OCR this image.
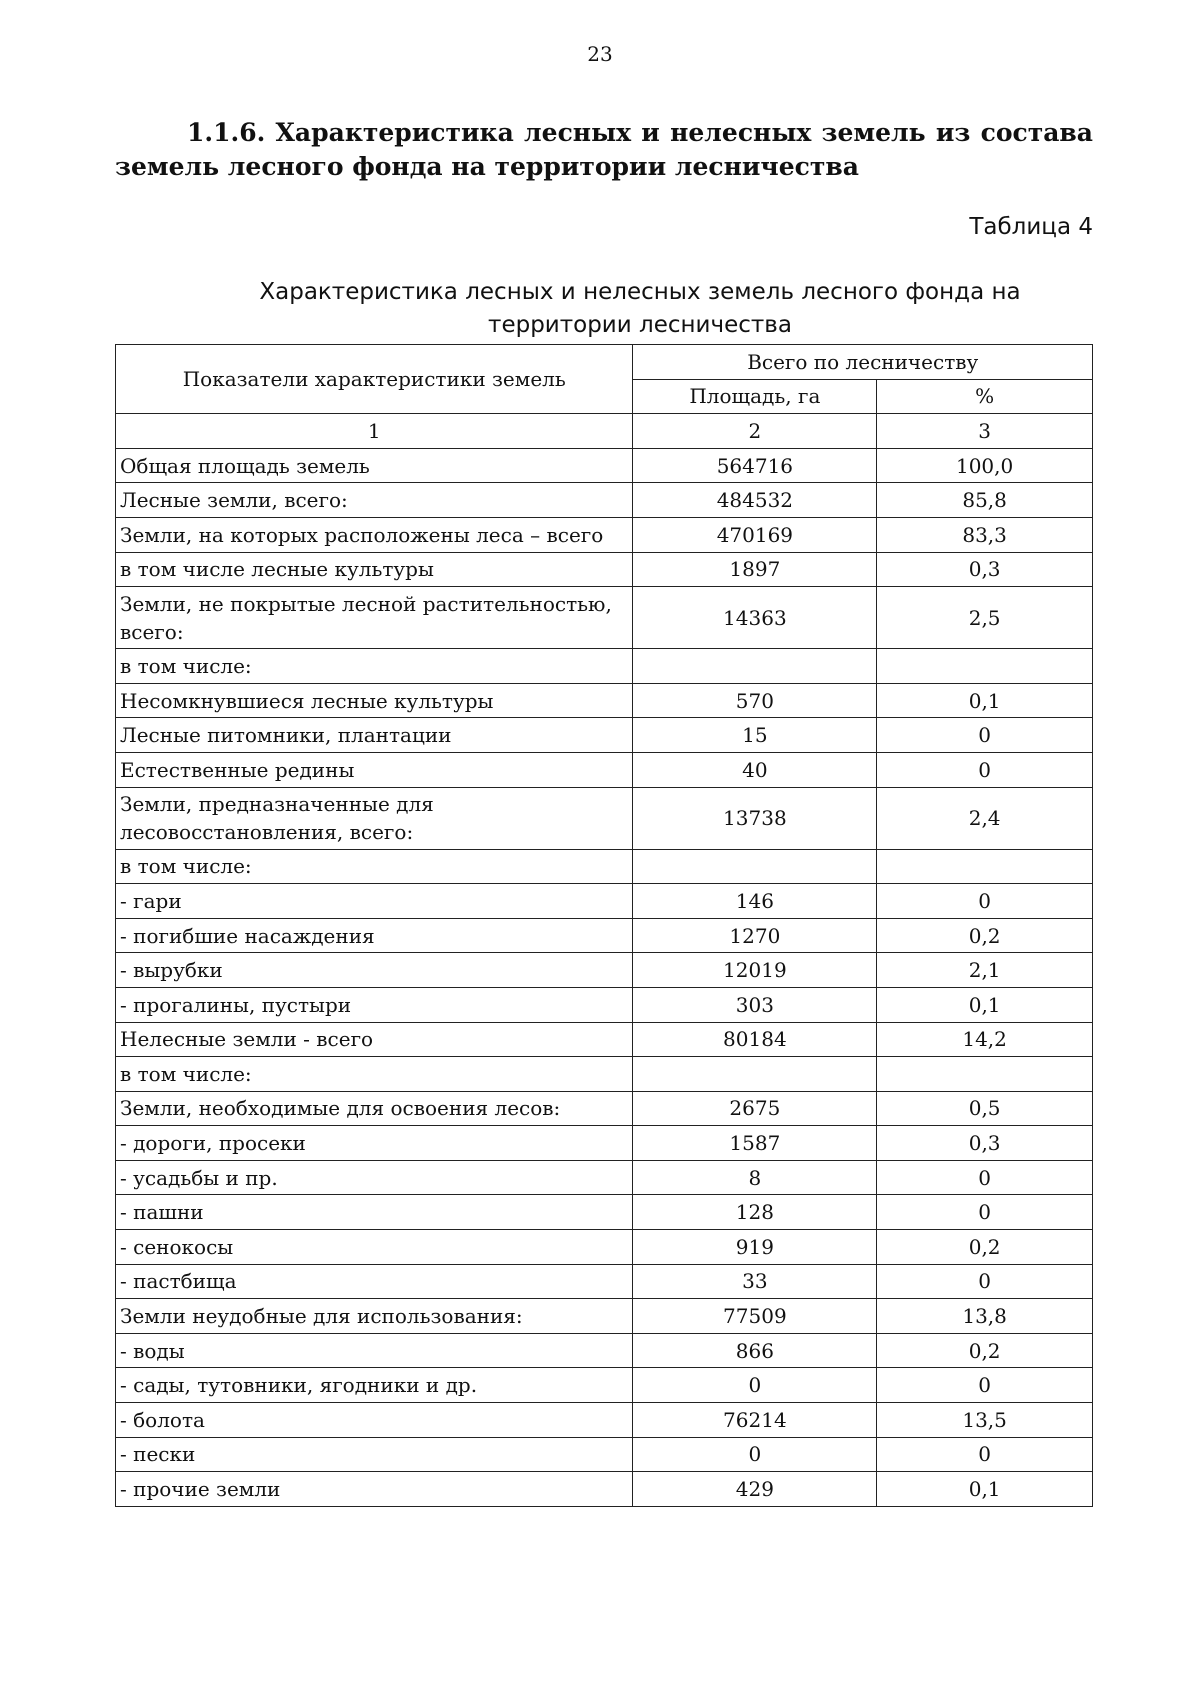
23

1.1.6. Характеристика лесных и нелесных земель из состава земель лесного фонда на территории лесничества

Таблица 4
Характеристика лесных и нелесных земель лесного фонда на территории лесничества
Показатели характеристики земель	Всего по лесничеству	
	Площадь, га	%
1	2	3
Общая площадь земель	564716	100,0
Лесные земли, всего:	484532	85,8
Земли, на которых расположены леса – всего	470169	83,3
в том числе лесные культуры	1897	0,3
Земли, не покрытые лесной растительностью, всего:	14363	2,5
в том числе:		
Несомкнувшиеся лесные культуры	570	0,1
Лесные питомники, плантации	15	0
Естественные редины	40	0
Земли, предназначенные для лесовосстановления, всего:	13738	2,4
в том числе:		
- гари	146	0
- погибшие насаждения	1270	0,2
- вырубки	12019	2,1
- прогалины, пустыри	303	0,1
Нелесные земли - всего	80184	14,2
в том числе:		
Земли, необходимые для освоения лесов:	2675	0,5
- дороги, просеки	1587	0,3
- усадьбы и пр.	8	0
- пашни	128	0
- сенокосы	919	0,2
- пастбища	33	0
Земли неудобные для использования:	77509	13,8
- воды	866	0,2
- сады, тутовники, ягодники и др.	0	0
- болота	76214	13,5
- пески	0	0
- прочие земли	429	0,1
